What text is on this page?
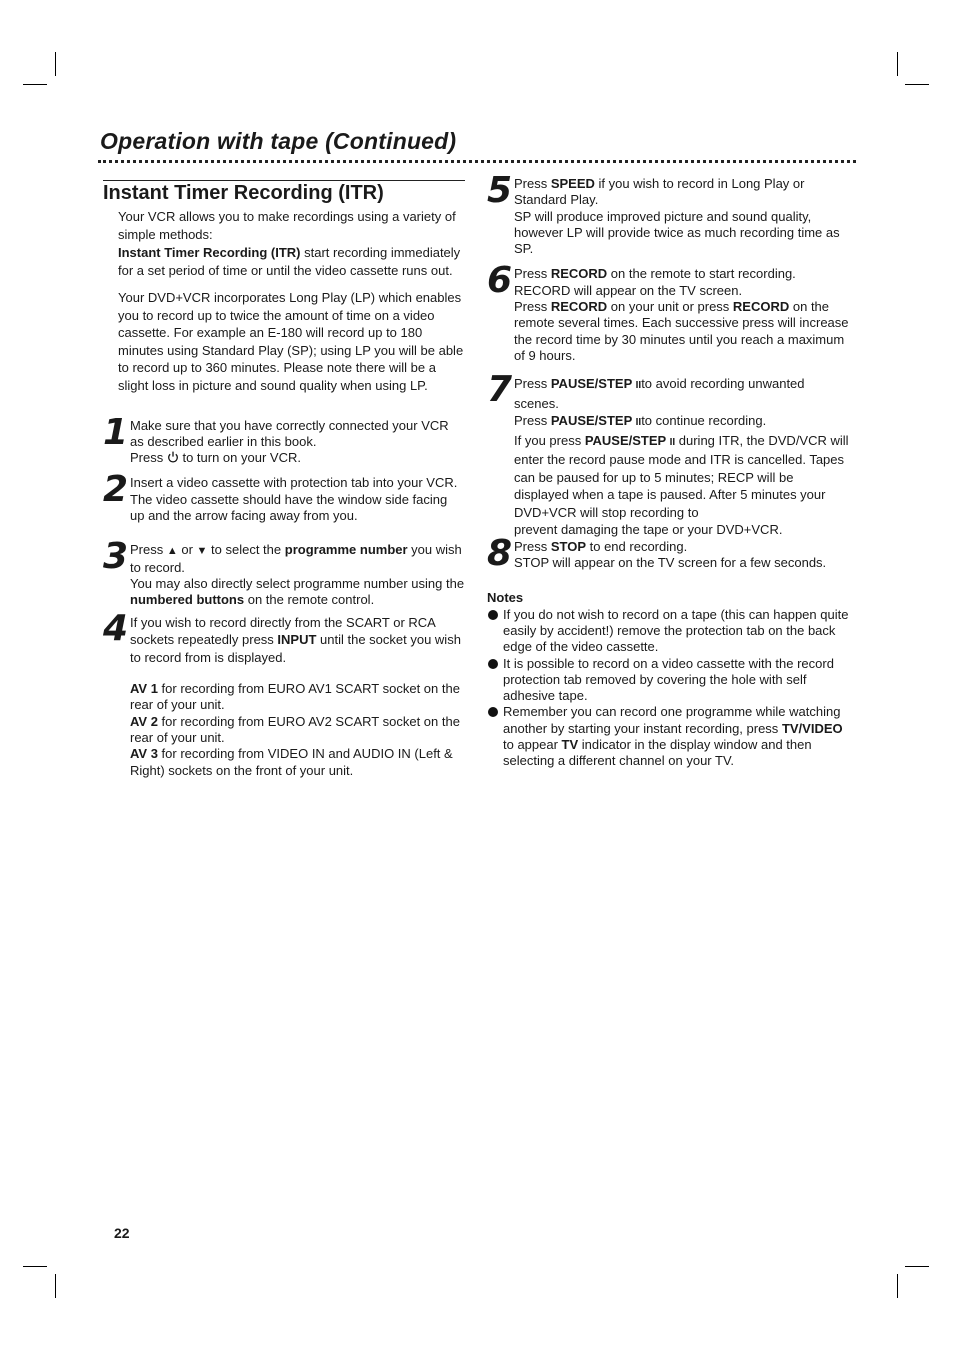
Operation with tape (Continued)
Instant Timer Recording (ITR)

Your VCR allows you to make recordings using a variety of simple methods:

Instant Timer Recording (ITR) start recording immediately for a set period of time or until the video cassette runs out.

Your DVD+VCR incorporates Long Play (LP) which enables you to record up to twice the amount of time on a video cassette. For example an E-180 will record up to 180 minutes using Standard Play (SP); using LP you will be able to record up to 360 minutes. Please note there will be a slight loss in picture and sound quality when using LP.

1 Make sure that you have correctly connected your VCR as described earlier in this book.

Press  to turn on your VCR.

2 Insert a video cassette with protection tab into your VCR.

The video cassette should have the window side facing up and the arrow facing away from you.

3 Press ▲ or ▼ to select the programme number you wish to record.

You may also directly select programme number using the numbered buttons on the remote control.

4 If you wish to record directly from the SCART or RCA sockets repeatedly press INPUT until the socket you wish to record from is displayed.

AV 1 for recording from EURO AV1 SCART socket on the rear of your unit.

AV 2 for recording from EURO AV2 SCART socket on the rear of your unit.

AV 3 for recording from VIDEO IN and AUDIO IN (Left & Right) sockets on the front of your unit.

5 Press SPEED if you wish to record in Long Play or Standard Play.

SP will produce improved picture and sound quality, however LP will provide twice as much recording time as SP.

6 Press RECORD on the remote to start recording.

RECORD will appear on the TV screen.

Press RECORD on your unit or press RECORD on the remote several times. Each successive press will increase the record time by 30 minutes until you reach a maximum of 9 hours.

7 Press PAUSE/STEP IIto avoid recording unwanted scenes.

Press PAUSE/STEP IIto continue recording.

If you press PAUSE/STEP II during ITR, the DVD/VCR will enter the record pause mode and ITR is cancelled. Tapes can be paused for up to 5 minutes; RECP will be displayed when a tape is paused. After 5 minutes your DVD+VCR will stop recording to

prevent damaging the tape or your DVD+VCR.

8 Press STOP to end recording.

STOP will appear on the TV screen for a few seconds.

Notes

If you do not wish to record on a tape (this can happen quite easily by accident!) remove the protection tab on the back edge of the video cassette.

It is possible to record on a video cassette with the record protection tab removed by covering the hole with self adhesive tape.

Remember you can record one programme while watching another by starting your instant recording, press TV/VIDEO to appear TV indicator in the display window and then selecting a different channel on your TV.

22
